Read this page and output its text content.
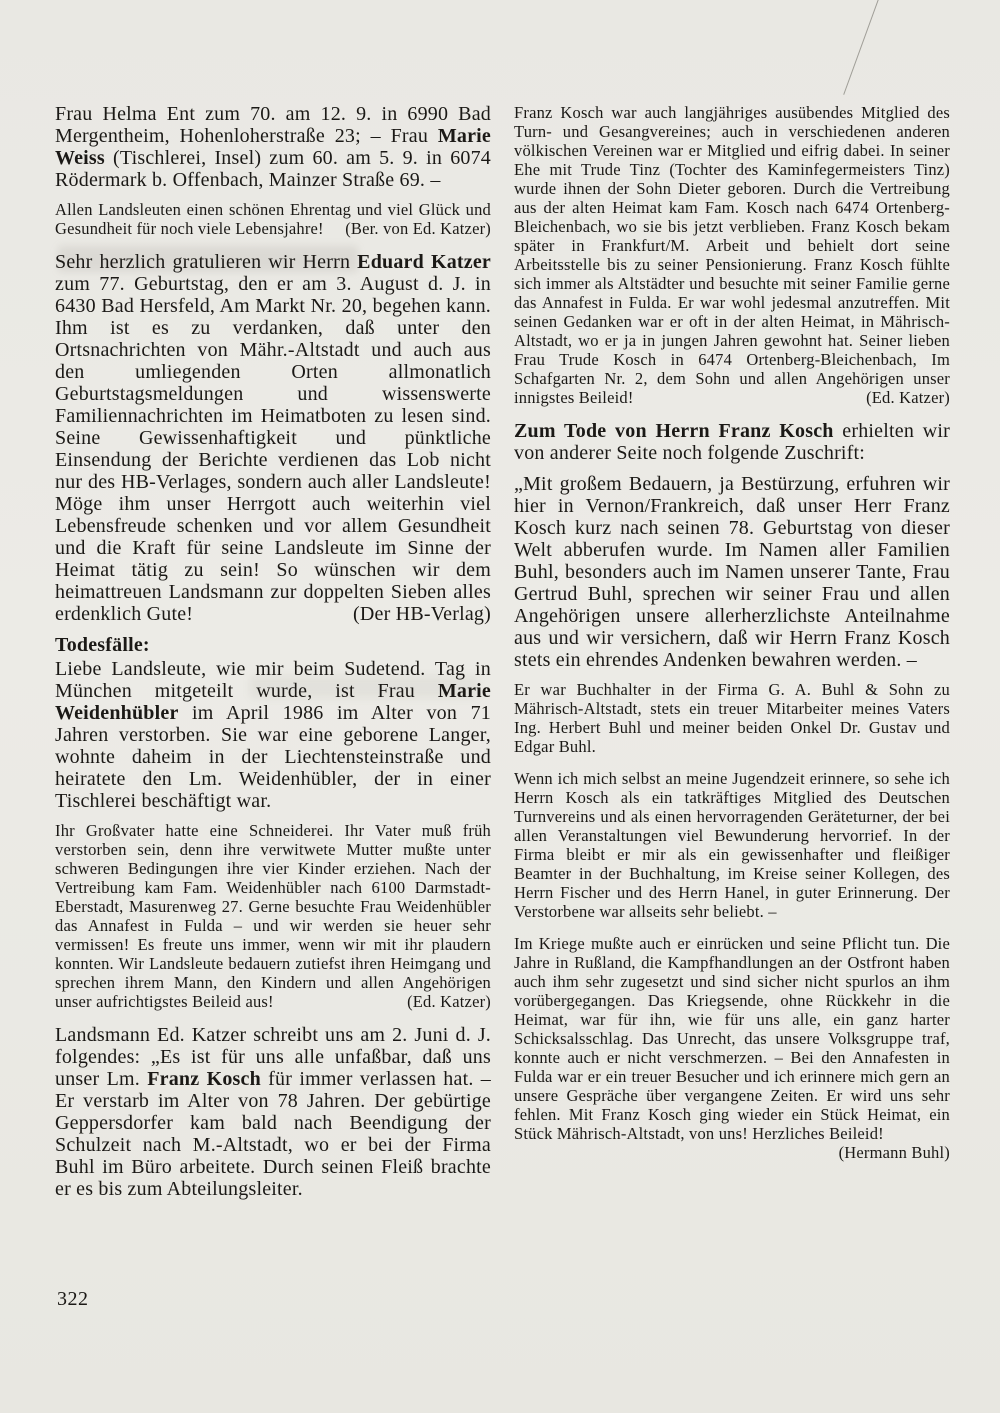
Frau Helma Ent zum 70. am 12. 9. in 6990 Bad Mergentheim, Hohenloherstraße 23; – Frau Marie Weiss (Tischlerei, Insel) zum 60. am 5. 9. in 6074 Rödermark b. Offenbach, Mainzer Straße 69. –

Allen Landsleuten einen schönen Ehrentag und viel Glück und Gesundheit für noch viele Lebensjahre!	(Ber. von Ed. Katzer)

Sehr herzlich gratulieren wir Herrn Eduard Katzer zum 77. Geburtstag, den er am 3. August d. J. in 6430 Bad Hersfeld, Am Markt Nr. 20, begehen kann. Ihm ist es zu verdanken, daß unter den Ortsnachrichten von Mähr.-Altstadt und auch aus den umliegenden Orten allmonatlich Geburtstagsmeldungen und wissenswerte Familiennachrichten im Heimatboten zu lesen sind. Seine Gewissenhaftigkeit und pünktliche Einsendung der Berichte verdienen das Lob nicht nur des HB-Verlages, sondern auch aller Landsleute! Möge ihm unser Herrgott auch weiterhin viel Lebensfreude schenken und vor allem Gesundheit und die Kraft für seine Landsleute im Sinne der Heimat tätig zu sein! So wünschen wir dem heimattreuen Landsmann zur doppelten Sieben alles erdenklich Gute!	(Der HB-Verlag)

Todesfälle:

Liebe Landsleute, wie mir beim Sudetend. Tag in München mitgeteilt wurde, ist Frau Marie Weidenhübler im April 1986 im Alter von 71 Jahren verstorben. Sie war eine geborene Langer, wohnte daheim in der Liechtensteinstraße und heiratete den Lm. Weidenhübler, der in einer Tischlerei beschäftigt war.

Ihr Großvater hatte eine Schneiderei. Ihr Vater muß früh verstorben sein, denn ihre verwitwete Mutter mußte unter schweren Bedingungen ihre vier Kinder erziehen. Nach der Vertreibung kam Fam. Weidenhübler nach 6100 Darmstadt-Eberstadt, Masurenweg 27. Gerne besuchte Frau Weidenhübler das Annafest in Fulda – und wir werden sie heuer sehr vermissen! Es freute uns immer, wenn wir mit ihr plaudern konnten. Wir Landsleute bedauern zutiefst ihren Heimgang und sprechen ihrem Mann, den Kindern und allen Angehörigen unser aufrichtigstes Beileid aus!	(Ed. Katzer)

Landsmann Ed. Katzer schreibt uns am 2. Juni d. J. folgendes: „Es ist für uns alle unfaßbar, daß uns unser Lm. Franz Kosch für immer verlassen hat. – Er verstarb im Alter von 78 Jahren. Der gebürtige Geppersdorfer kam bald nach Beendigung der Schulzeit nach M.-Altstadt, wo er bei der Firma Buhl im Büro arbeitete. Durch seinen Fleiß brachte er es bis zum Abteilungsleiter.

Franz Kosch war auch langjähriges ausübendes Mitglied des Turn- und Gesangvereines; auch in verschiedenen anderen völkischen Vereinen war er Mitglied und eifrig dabei. In seiner Ehe mit Trude Tinz (Tochter des Kaminfegermeisters Tinz) wurde ihnen der Sohn Dieter geboren. Durch die Vertreibung aus der alten Heimat kam Fam. Kosch nach 6474 Ortenberg-Bleichenbach, wo sie bis jetzt verblieben. Franz Kosch bekam später in Frankfurt/M. Arbeit und behielt dort seine Arbeitsstelle bis zu seiner Pensionierung. Franz Kosch fühlte sich immer als Altstädter und besuchte mit seiner Familie gerne das Annafest in Fulda. Er war wohl jedesmal anzutreffen. Mit seinen Gedanken war er oft in der alten Heimat, in Mährisch-Altstadt, wo er ja in jungen Jahren gewohnt hat. Seiner lieben Frau Trude Kosch in 6474 Ortenberg-Bleichenbach, Im Schafgarten Nr. 2, dem Sohn und allen Angehörigen unser innigstes Beileid!	(Ed. Katzer)

Zum Tode von Herrn Franz Kosch erhielten wir von anderer Seite noch folgende Zuschrift:

„Mit großem Bedauern, ja Bestürzung, erfuhren wir hier in Vernon/Frankreich, daß unser Herr Franz Kosch kurz nach seinen 78. Geburtstag von dieser Welt abberufen wurde. Im Namen aller Familien Buhl, besonders auch im Namen unserer Tante, Frau Gertrud Buhl, sprechen wir seiner Frau und allen Angehörigen unsere allerherzlichste Anteilnahme aus und wir versichern, daß wir Herrn Franz Kosch stets ein ehrendes Andenken bewahren werden. –

Er war Buchhalter in der Firma G. A. Buhl & Sohn zu Mährisch-Altstadt, stets ein treuer Mitarbeiter meines Vaters Ing. Herbert Buhl und meiner beiden Onkel Dr. Gustav und Edgar Buhl.

Wenn ich mich selbst an meine Jugendzeit erinnere, so sehe ich Herrn Kosch als ein tatkräftiges Mitglied des Deutschen Turnvereins und als einen hervorragenden Geräteturner, der bei allen Veranstaltungen viel Bewunderung hervorrief. In der Firma bleibt er mir als ein gewissenhafter und fleißiger Beamter in der Buchhaltung, im Kreise seiner Kollegen, des Herrn Fischer und des Herrn Hanel, in guter Erinnerung. Der Verstorbene war allseits sehr beliebt. –

Im Kriege mußte auch er einrücken und seine Pflicht tun. Die Jahre in Rußland, die Kampfhandlungen an der Ostfront haben auch ihm sehr zugesetzt und sind sicher nicht spurlos an ihm vorübergegangen. Das Kriegsende, ohne Rückkehr in die Heimat, war für ihn, wie für uns alle, ein ganz harter Schicksalsschlag. Das Unrecht, das unsere Volksgruppe traf, konnte auch er nicht verschmerzen. – Bei den Annafesten in Fulda war er ein treuer Besucher und ich erinnere mich gern an unsere Gespräche über vergangene Zeiten. Er wird uns sehr fehlen. Mit Franz Kosch ging wieder ein Stück Heimat, ein Stück Mährisch-Altstadt, von uns! Herzliches Beileid!
(Hermann Buhl)

322
